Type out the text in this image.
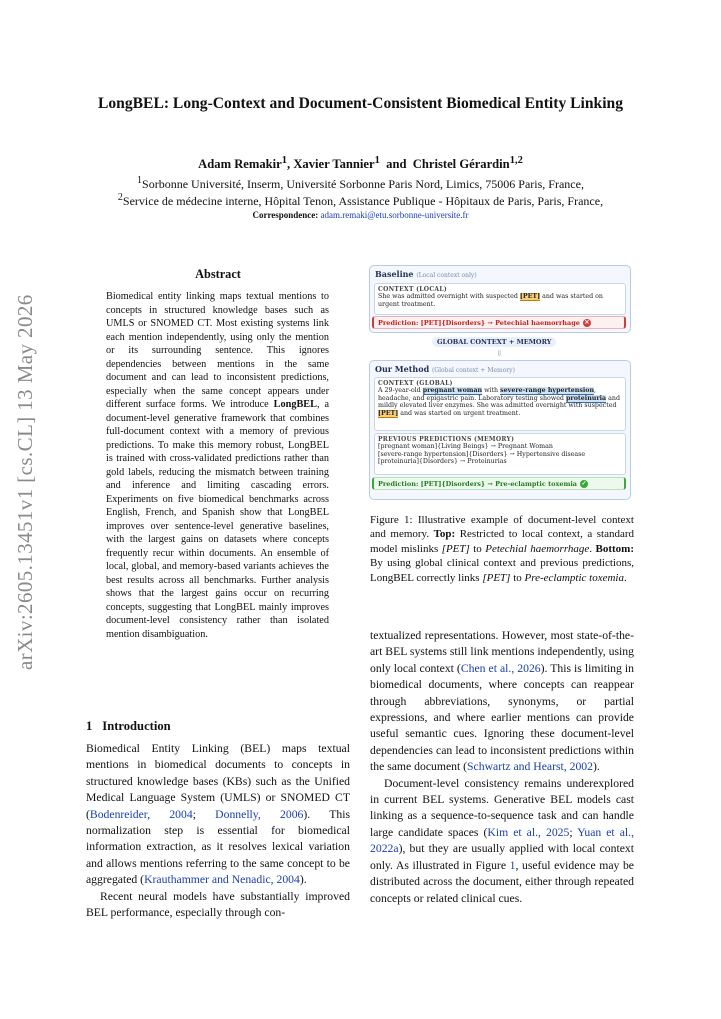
LongBEL: Long-Context and Document-Consistent Biomedical Entity Linking
Adam Remakir$^1$, Xavier Tannier$^1$  and  Christel Gérardin$^{1,2}$
$^1$Sorbonne Université, Inserm, Université Sorbonne Paris Nord, Limics, 75006 Paris, France,
$^2$Service de médecine interne, Hôpital Tenon, Assistance Publique - Hôpitaux de Paris, Paris, France,
Correspondence: adam.remaki@etu.sorbonne-universite.fr
arXiv:2605.13451v1 [cs.CL] 13 May 2026
Abstract
Biomedical entity linking maps textual mentions to concepts in structured knowledge bases such as UMLS or SNOMED CT. Most existing systems link each mention independently, using only the mention or its surrounding sentence. This ignores dependencies between mentions in the same document and can lead to inconsistent predictions, especially when the same concept appears under different surface forms. We introduce LongBEL, a document-level generative framework that combines full-document context with a memory of previous predictions. To make this memory robust, LongBEL is trained with cross-validated predictions rather than gold labels, reducing the mismatch between training and inference and limiting cascading errors. Experiments on five biomedical benchmarks across English, French, and Spanish show that LongBEL improves over sentence-level generative baselines, with the largest gains on datasets where concepts frequently recur within documents. An ensemble of local, global, and memory-based variants achieves the best results across all benchmarks. Further analysis shows that the largest gains occur on recurring concepts, suggesting that LongBEL mainly improves document-level consistency rather than isolated mention disambiguation.
1 Introduction

Biomedical Entity Linking (BEL) maps textual mentions in biomedical documents to concepts in structured knowledge bases (KBs) such as the Unified Medical Language System (UMLS) or SNOMED CT (Bodenreider, 2004; Donnelly, 2006). This normalization step is essential for biomedical information extraction, as it resolves lexical variation and allows mentions referring to the same concept to be aggregated (Krauthammer and Nenadic, 2004).

Recent neural models have substantially improved BEL performance, especially through con-

Baseline (Local context only)
CONTEXT (LOCAL)
She was admitted overnight with suspected [PET] and was started on urgent treatment.
Prediction: [PET]{Disorders} → Petechial haemorrhage ✕
GLOBAL CONTEXT + MEMORY
⇓
Our Method (Global context + Memory)
CONTEXT (GLOBAL)
A 29-year-old pregnant woman with severe-range hypertension, headache, and epigastric pain. Laboratory testing showed proteinuria and mildly elevated liver enzymes. She was admitted overnight with suspected [PET] and was started on urgent treatment.
PREVIOUS PREDICTIONS (MEMORY)
[pregnant woman]{Living Beings} → Pregnant Woman
[severe-range hypertension]{Disorders} → Hypertensive disease
[proteinuria]{Disorders} → Proteinurias
Prediction: [PET]{Disorders} → Pre-eclamptic toxemia ✓
Figure 1: Illustrative example of document-level context and memory. Top: Restricted to local context, a standard model mislinks [PET] to Petechial haemorrhage. Bottom: By using global clinical context and previous predictions, LongBEL correctly links [PET] to Pre-eclamptic toxemia.

textualized representations. However, most state-of-the-art BEL systems still link mentions independently, using only local context (Chen et al., 2026). This is limiting in biomedical documents, where concepts can reappear through abbreviations, synonyms, or partial expressions, and where earlier mentions can provide useful semantic cues. Ignoring these document-level dependencies can lead to inconsistent predictions within the same document (Schwartz and Hearst, 2002).

Document-level consistency remains underexplored in current BEL systems. Generative BEL models cast linking as a sequence-to-sequence task and can handle large candidate spaces (Kim et al., 2025; Yuan et al., 2022a), but they are usually applied with local context only. As illustrated in Figure 1, useful evidence may be distributed across the document, either through repeated concepts or related clinical cues.
